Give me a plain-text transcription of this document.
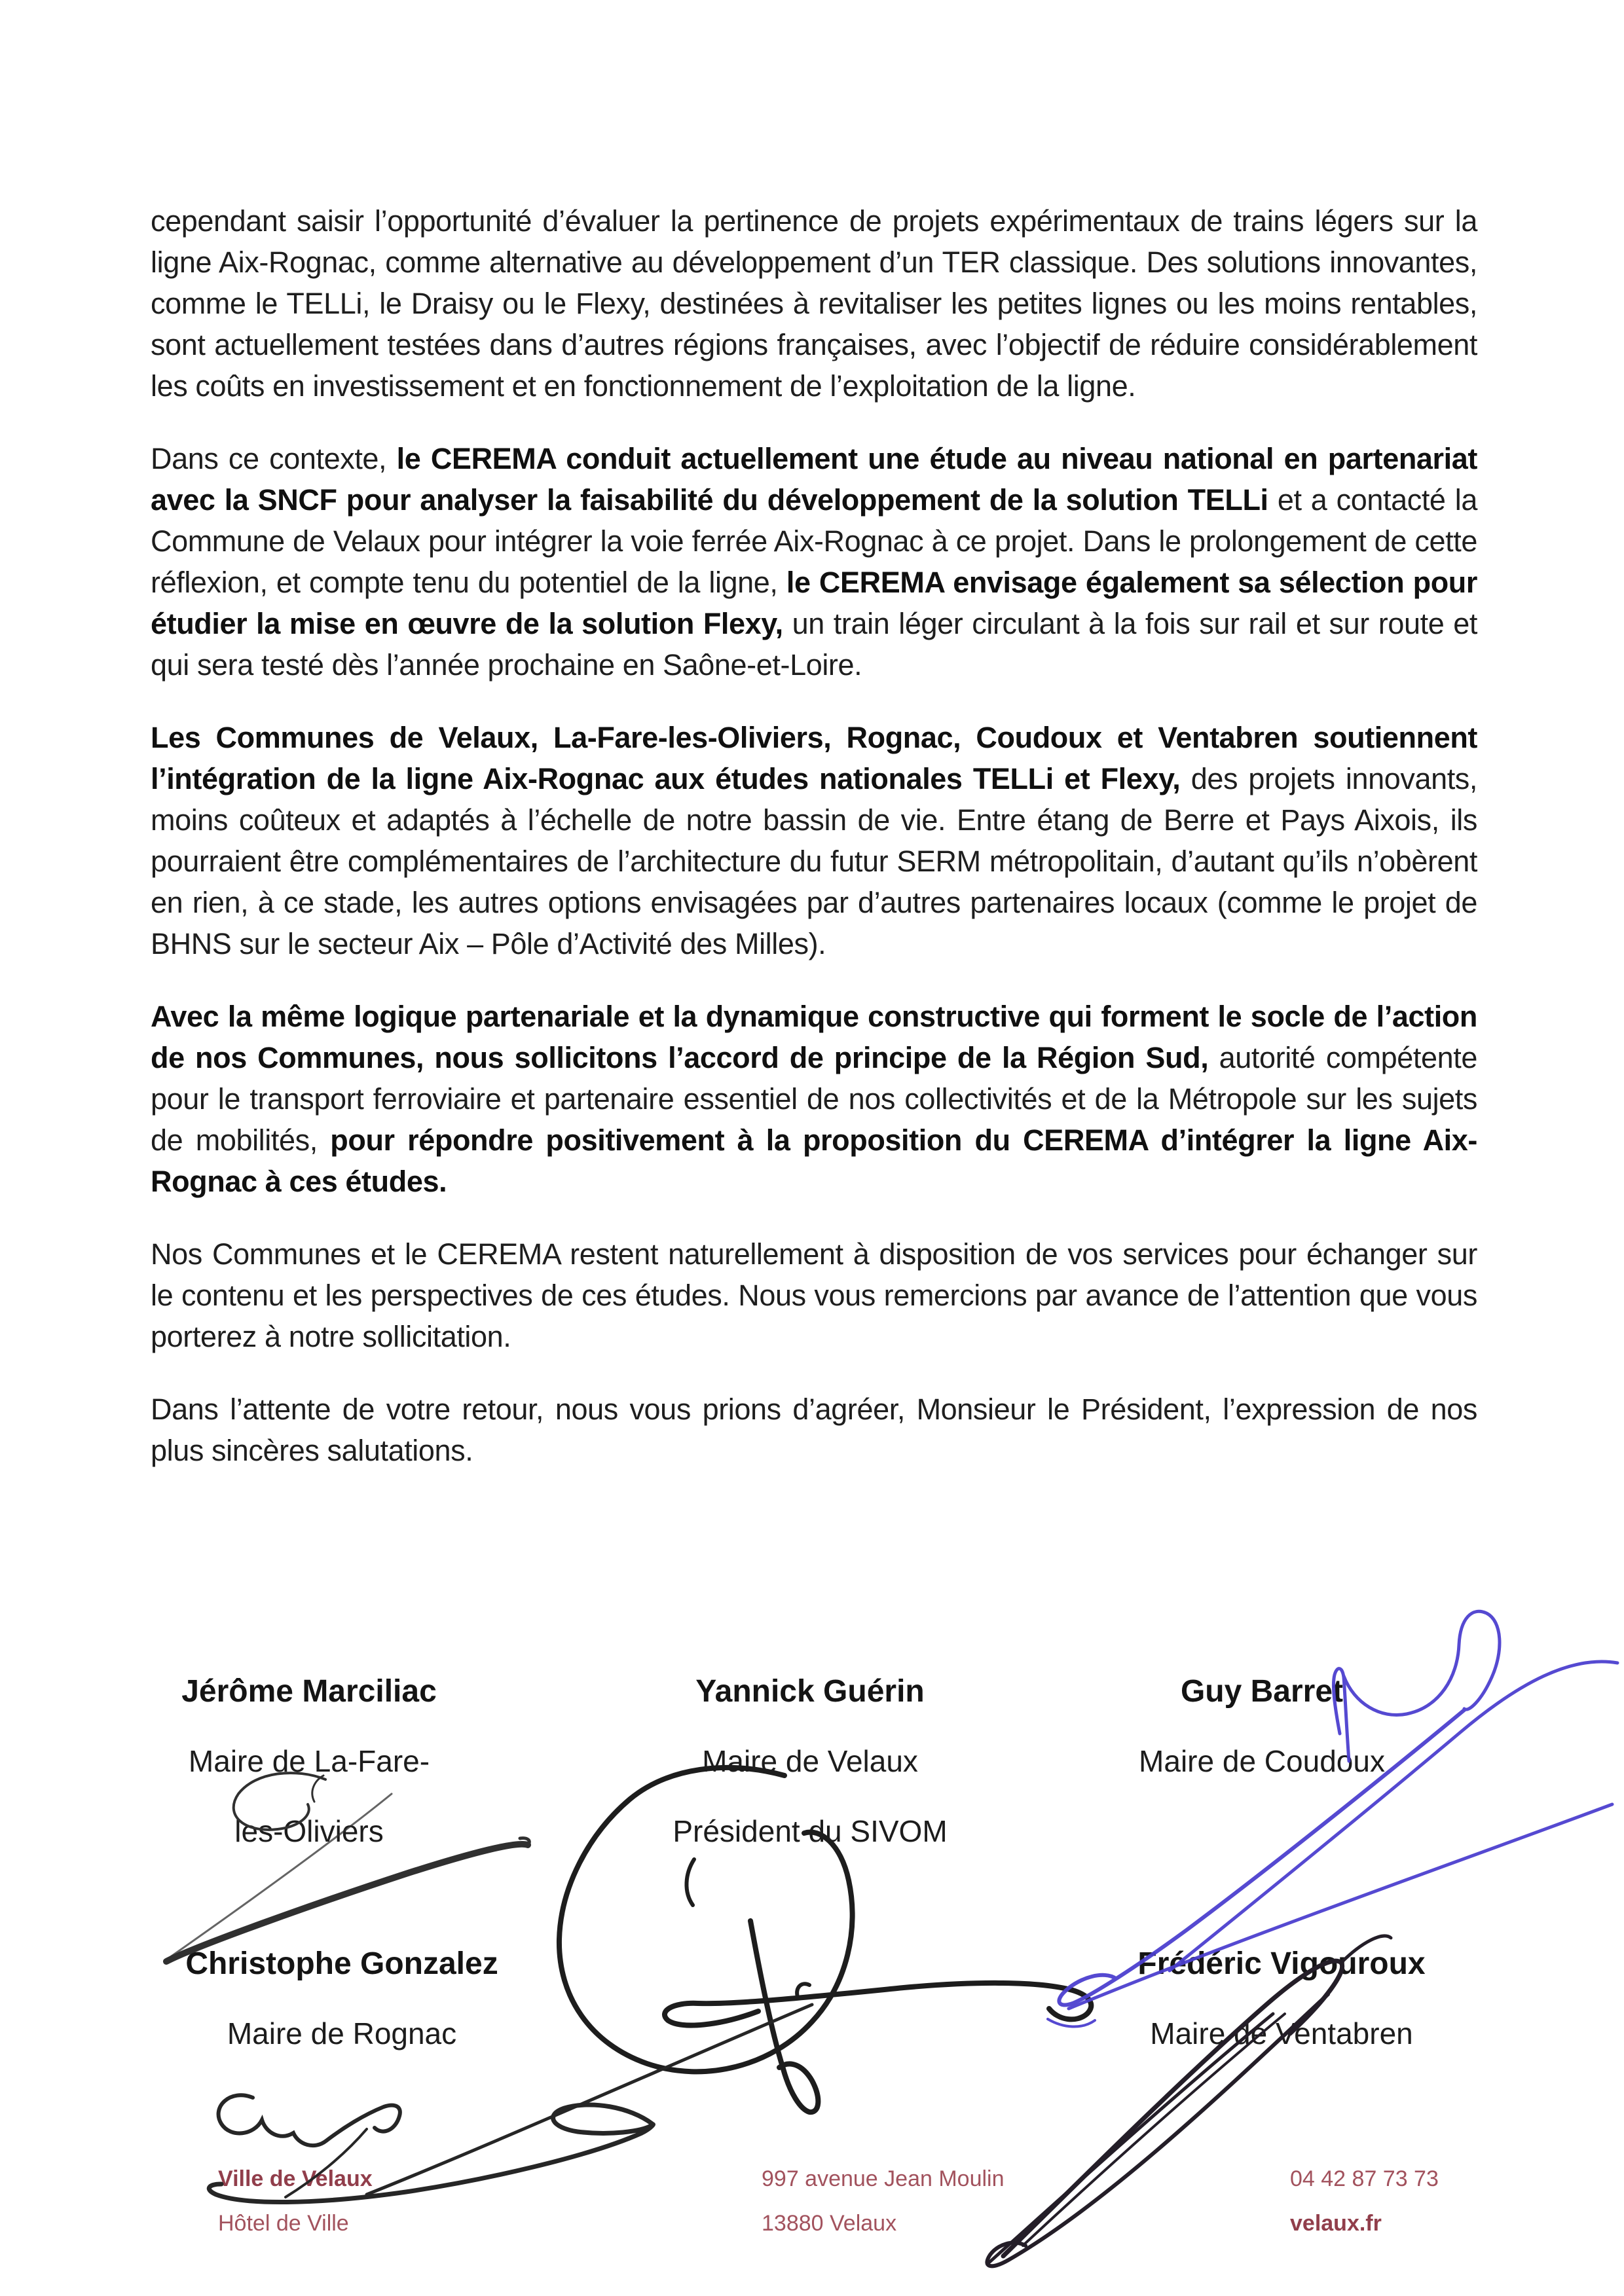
cependant saisir l’opportunité d’évaluer la pertinence de projets expérimentaux de trains légers sur la ligne Aix-Rognac, comme alternative au développement d’un TER classique. Des solutions innovantes, comme le TELLi, le Draisy ou le Flexy, destinées à revitaliser les petites lignes ou les moins rentables, sont actuellement testées dans d’autres régions françaises, avec l’objectif de réduire considérablement les coûts en investissement et en fonctionnement de l’exploitation de la ligne.

Dans ce contexte, le CEREMA conduit actuellement une étude au niveau national en partenariat avec la SNCF pour analyser la faisabilité du développement de la solution TELLi et a contacté la Commune de Velaux pour intégrer la voie ferrée Aix-Rognac à ce projet. Dans le prolongement de cette réflexion, et compte tenu du potentiel de la ligne, le CEREMA envisage également sa sélection pour étudier la mise en œuvre de la solution Flexy, un train léger circulant à la fois sur rail et sur route et qui sera testé dès l’année prochaine en Saône-et-Loire.

Les Communes de Velaux, La-Fare-les-Oliviers, Rognac, Coudoux et Ventabren soutiennent l’intégration de la ligne Aix-Rognac aux études nationales TELLi et Flexy, des projets innovants, moins coûteux et adaptés à l’échelle de notre bassin de vie. Entre étang de Berre et Pays Aixois, ils pourraient être complémentaires de l’architecture du futur SERM métropolitain, d’autant qu’ils n’obèrent en rien, à ce stade, les autres options envisagées par d’autres partenaires locaux (comme le projet de BHNS sur le secteur Aix – Pôle d’Activité des Milles).

Avec la même logique partenariale et la dynamique constructive qui forment le socle de l’action de nos Communes, nous sollicitons l’accord de principe de la Région Sud, autorité compétente pour le transport ferroviaire et partenaire essentiel de nos collectivités et de la Métropole sur les sujets de mobilités, pour répondre positivement à la proposition du CEREMA d’intégrer la ligne Aix-Rognac à ces études.

Nos Communes et le CEREMA restent naturellement à disposition de vos services pour échanger sur le contenu et les perspectives de ces études. Nous vous remercions par avance de l’attention que vous porterez à notre sollicitation.

Dans l’attente de votre retour, nous vous prions d’agréer, Monsieur le Président, l’expression de nos plus sincères salutations.

Jérôme Marciliac
Maire de La-Fare-
les-Oliviers
Yannick Guérin
Maire de Velaux
Président du SIVOM
Guy Barret
Maire de Coudoux
Christophe Gonzalez
Maire de Rognac
Frédéric Vigouroux
Maire de Ventabren
Ville de Velaux
Hôtel de Ville
997 avenue Jean Moulin
13880 Velaux
04 42 87 73 73
velaux.fr
